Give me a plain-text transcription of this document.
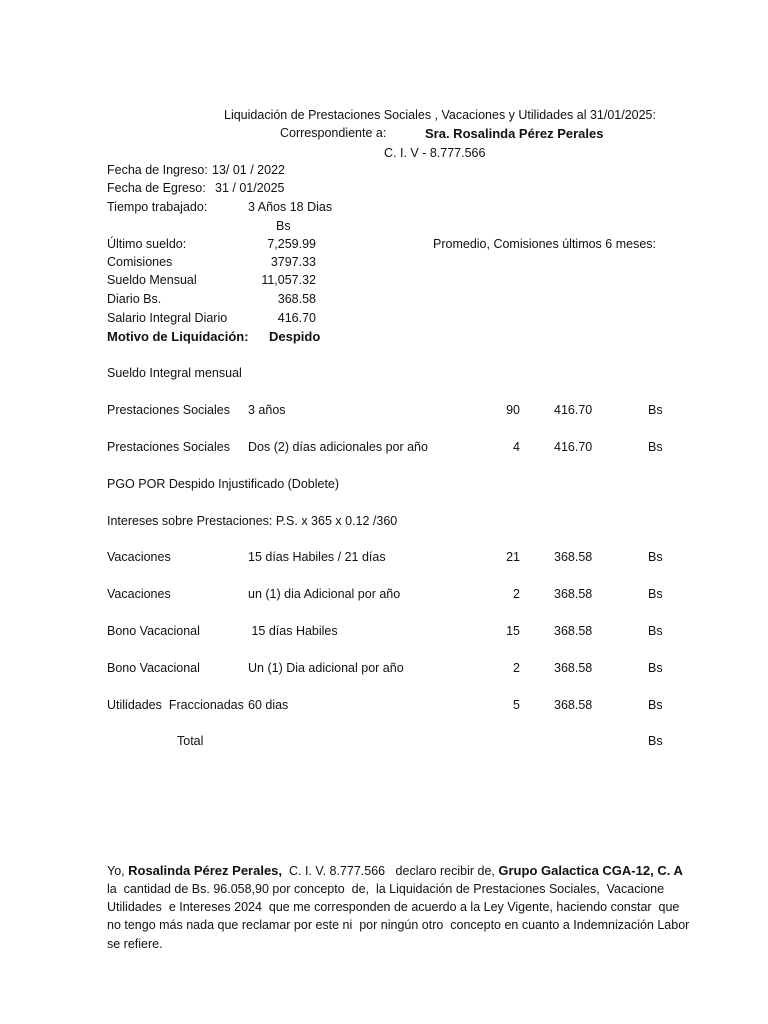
Liquidación de Prestaciones Sociales , Vacaciones y Utilidades al 31/01/2025:
Correspondiente a:	Sra. Rosalinda Pérez Perales
C. I. V - 8.777.566
Fecha de Ingreso: 13/ 01 / 2022
Fecha de Egreso: 31 / 01/2025
Tiempo trabajado:	3 Años 18 Dias
Bs
Último sueldo:	7,259.99	Promedio, Comisiones últimos 6 meses:
Comisiones	3797.33
Sueldo Mensual	11,057.32
Diario Bs.	368.58
Salario Integral Diario	416.70
Motivo de Liquidación: Despido
Sueldo Integral mensual
Prestaciones Sociales 3 años	90	416.70	Bs
Prestaciones Sociales Dos (2) días adicionales por año	4	416.70	Bs
PGO POR Despido Injustificado (Doblete)
Intereses sobre Prestaciones: P.S. x 365 x 0.12 /360
Vacaciones	15 días Habiles / 21 días	21	368.58	Bs
Vacaciones	un (1) dia Adicional por año	2	368.58	Bs
Bono Vacacional	15 días Habiles	15	368.58	Bs
Bono Vacacional	Un (1) Dia adicional por año	2	368.58	Bs
Utilidades  Fraccionadas 60 dias	5	368.58	Bs
Total	Bs
Yo, Rosalinda Pérez Perales, C. I. V. 8.777.566 declaro recibir de, Grupo Galactica CGA-12, C. A
la  cantidad de Bs. 96.058,90 por concepto  de,  la Liquidación de Prestaciones Sociales,  Vacacione
Utilidades  e Intereses 2024  que me corresponden de acuerdo a la Ley Vigente, haciendo constar  que
no tengo más nada que reclamar por este ni  por ningún otro  concepto en cuanto a Indemnización Labor
se refiere.
